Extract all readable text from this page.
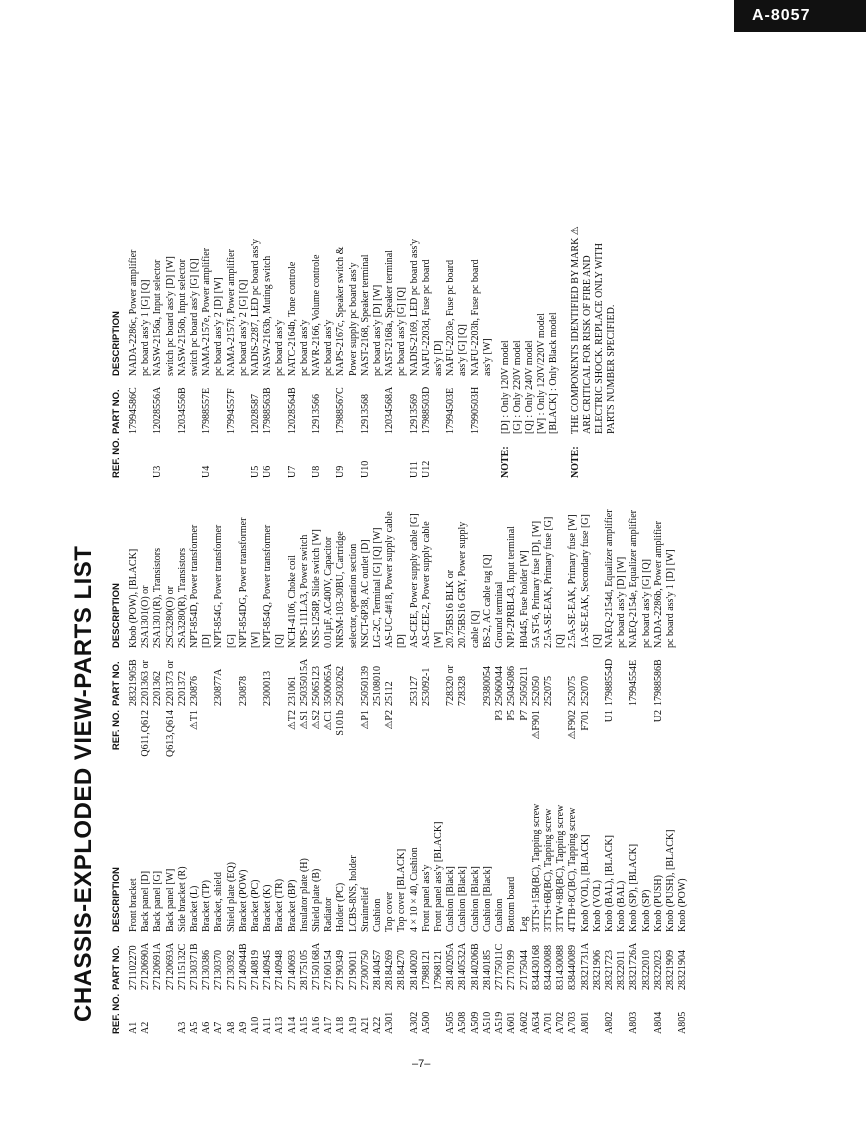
A-8057
CHASSIS-EXPLODED VIEW-PARTS LIST REF. NO.
PART NO.
DESCRIPTION
A1
271102270
Front bracket
A2
27120690A
Back panel [D]
27120691A
Back panel [G]
27120693A
Back panel [W]
A3
27115132C
Side bracket (R)
A5
27130371B
Bracket (L)
A6
27130386
Bracket (TP)
A7
27130370
Bracket, shield
A8
27130392
Shield plate (EQ)
A9
27140944B
Bracket (POW)
A10
27140819
Bracket (PC)
A11
27140945
Bracket (K)
A13
27140948
Bracket (TR)
A14
27140693
Bracket (BP)
A15
28175105
Insulator plate (H)
A16
27150168A
Shield plate (B)
A17
27160154
Radiator
A18
27190349
Holder (PC)
A19
27190011
LCBS-8NS, holder
A21
27300750
Strainrelief
A22
28140457
Cushion
A301
28184269
Top cover
28184270
Top cover [BLACK]
A302
28140020
4 × 10 × 40, Cushion
A500
17988121
Front panel ass'y
17968121
Front panel ass'y [BLACK]
A505
28140205A
Cushion [Black]
A508
28140532A
Cushion [Black]
A509
28140206B
Cushion [Black]
A510
28140185
Cushion [Black]
A519
27175011C
Cushion
A601
27170199
Bottom board
A602
27175044
Leg
A634
834430168
3TTS+15B(BC), Tapping screw
A701
834430088
3TTS+6B(BC), Tapping screw
A702
831430088
3TTW+8B(BC), Tapping screw
A703
838440089
4TTB+8C(BC), Tapping screw
A801
28321731A
Knob (VOL), [BLACK]
28321906
Knob (VOL)
A802
28321723
Knob (BAL), [BLACK]
28322011
Knob (BAL)
A803
28321726A
Knob (SP), [BLACK]
28322010
Knob (SP)
A804
28322023
Knob (PUSH)
28321909
Knob (PUSH), [BLACK]
A805
28321904
Knob (POW)
REF. NO.
PART NO.
DESCRIPTION
28321905B
Kbob (POW), [BLACK]
Q611,Q612
2201363 or
2SA1301(O) or
2201362
2SA1301(R), Transistors
Q613,Q614
2201373 or
2SC3280(O) or
2201372
2SA3280(R), Transistors
⚠T1
230876
NPT-854D, Power transformer [D]
230877A
NPT-854G, Power transformer [G]
230878
NPT-854DG, Power transformer [W]
2300013
NPT-854Q, Power transformer [Q]
⚠T2
231061
NCH-4106, Choke coil
⚠S1
25035015A
NPS-111LA3, Power switch
⚠S2
25065123
NSS-1258P, Slide switch [W]
⚠C1
3500065A
0.01µF, AC400V, Capacitor
S101b
25030262
NRSM-103-30BU, Cartridge selector, operation section
⚠P1
25050139
NSCT-6P38, AC outlet [D]
25108010
LG-2C, Terminal [G] [Q] [W]
⚠P2
25112
AS-UC-4#18, Power supply cable [D]
253127
AS-CEE, Power supply cable [G]
253092-1
AS-CEE-2, Power supply cable [W]
728320 or
20.75BS16 BLK or
728328
20.75BS16 GRY, Power supply cable [Q]
29380054
BS-2, AC cable tag [Q]
P3
25060044
Ground terminal
P5
25045086
NPJ-2PRBL43, Input terminal
P7
25050211
H0445, Fuse holder [W]
⚠F901
252050
5A ST-6, Primary fuse [D], [W]
252075
2.5A-SE-EAK, Primary fuse [G] [Q]
⚠F902
252075
2.5A-SE-EAK, Primary fuse [W]
F701
252070
1A-SE-EAK, Secondary fuse [G] [Q]
U1
17988554D
NAEQ-2154d, Equalizer amplifier pc board ass'y [D] [W]
17994554E
NAEQ-2154e, Equalizer amplifier pc board ass'y [G] [Q]
U2
17988586B
NADA-2286b, Power amplifier pc board ass'y 1 [D] [W]
REF. NO.
PART NO.
DESCRIPTION
17994586C
NADA-2286c, Power amplifier pc board ass'y 1 [G] [Q]
U3
12028556A
NASW-2156a, Input selector switch pc board ass'y [D] [W]
12034556B
NASW-2156b, Input selector switch pc board ass'y [G] [Q]
U4
17988557E
NAMA-2157e, Power amplifier pc board ass'y 2 [D] [W]
17994557F
NAMA-2157f, Power amplifier pc board ass'y 2 [G] [Q]
U5
12028587
NADIS-2287, LED pc board ass'y
U6
17988563B
NASW-2163b, Muting switch pc board ass'y
U7
12028564B
NATC-2164b, Tone controle pc board ass'y
U8
12913566
NAVR-2166, Volume controle pc board ass'y
U9
17988567C
NAPS-2167c, Speaker switch & Power supply pc board ass'y
U10
12913568
NAST-2168, Speaker terminal pc board ass'y [D] [W]
12034568A
NAST-2168a, Speaker terminal pc board ass'y [G] [Q]
U11
12913569
NADIS-2169, LED pc board ass'y
U12
17988503D
NAFU-2203d, Fuse pc board ass'y [D]
17994503E
NAFU-2203e, Fuse pc board ass'y [G] [Q]
17990503H
NAFU-2203h, Fuse pc board ass'y [W]
NOTE:
[D] : Only 120V model [G] : Only 220V model [Q] : Only 240V model [W] : Only 120V/220V model [BLACK] : Only Black model
NOTE:
THE COMPONENTS IDENTIFIED BY MARK ⚠ ARE CRITICAL FOR RISK OF FIRE AND ELECTRIC SHOCK. REPLACE ONLY WITH PARTS NUMBER SPECIFIED.
–7–
